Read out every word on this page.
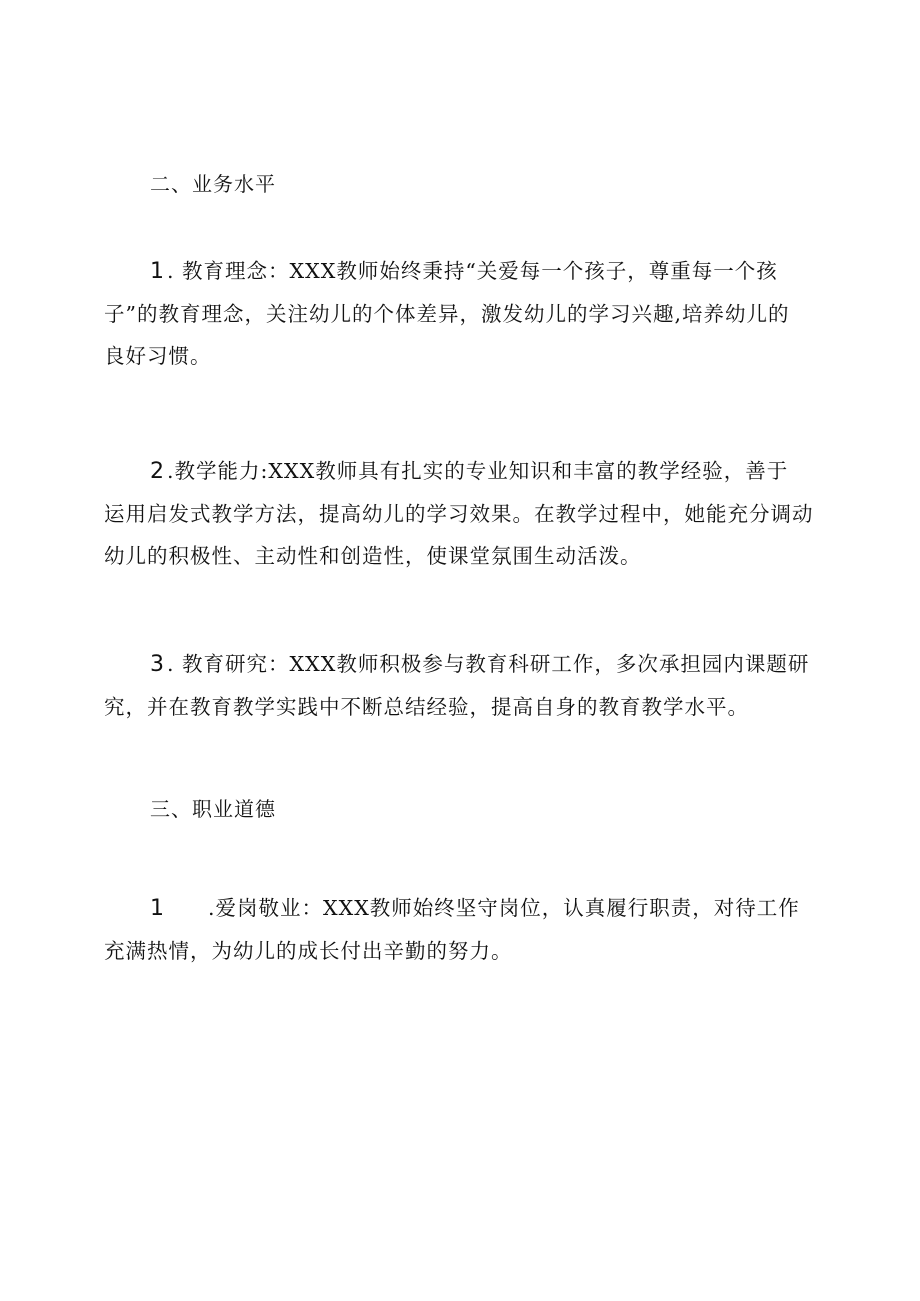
二、业务水平
1. 教育理念：XXX教师始终秉持“关爱每一个孩子，尊重每一个孩
子”的教育理念，关注幼儿的个体差异，激发幼儿的学习兴趣,培养幼儿的
良好习惯。
2.教学能力:XXX教师具有扎实的专业知识和丰富的教学经验，善于
运用启发式教学方法，提高幼儿的学习效果。在教学过程中，她能充分调动
幼儿的积极性、主动性和创造性，使课堂氛围生动活泼。
3. 教育研究：XXX教师积极参与教育科研工作，多次承担园内课题研
究，并在教育教学实践中不断总结经验，提高自身的教育教学水平。
三、职业道德
1 .爱岗敬业：XXX教师始终坚守岗位，认真履行职责，对待工作
充满热情，为幼儿的成长付出辛勤的努力。
